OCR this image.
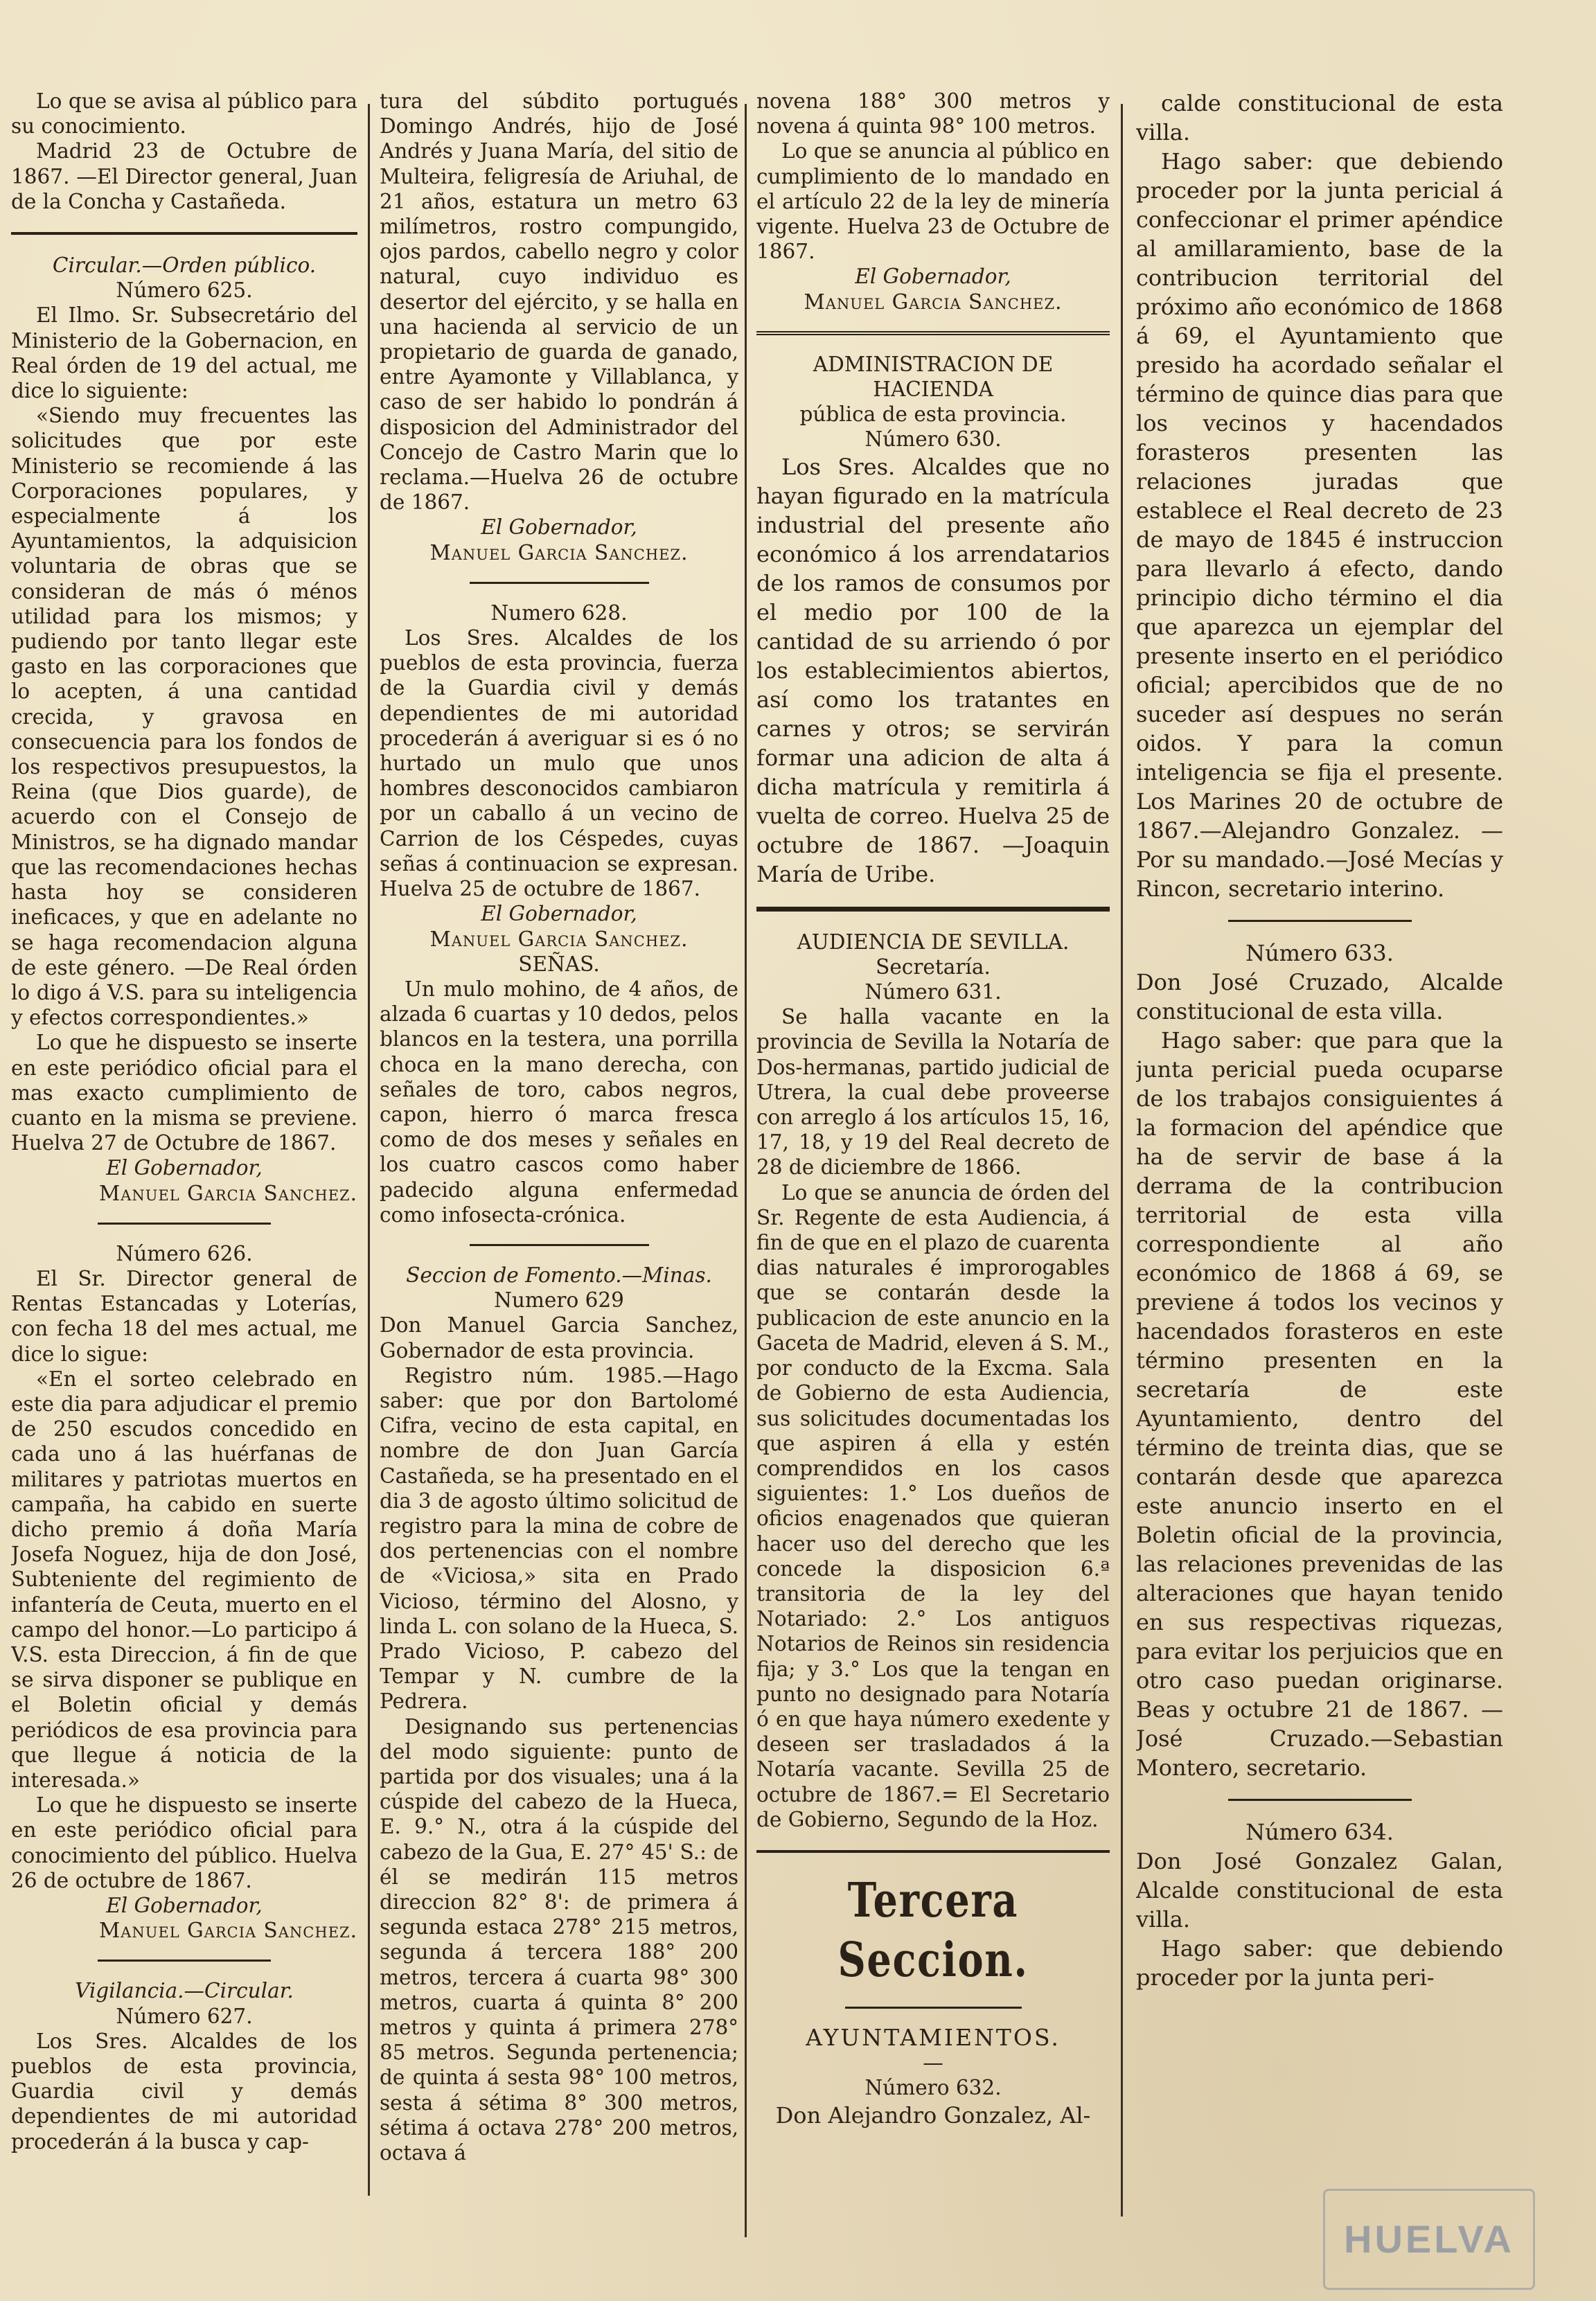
Lo que se avisa al público para su conocimiento.

Madrid 23 de Octubre de 1867. —El Director general, Juan de la Concha y Castañeda.

Circular.—Orden público.

Número 625.

El Ilmo. Sr. Subsecretário del Ministerio de la Gobernacion, en Real órden de 19 del actual, me dice lo siguiente:

«Siendo muy frecuentes las solicitudes que por este Ministerio se recomiende á las Corporaciones populares, y especialmente á los Ayuntamientos, la adquisicion voluntaria de obras que se consideran de más ó ménos utilidad para los mismos; y pudiendo por tanto llegar este gasto en las corporaciones que lo acepten, á una cantidad crecida, y gravosa en consecuencia para los fondos de los respectivos presupuestos, la Reina (que Dios guarde), de acuerdo con el Consejo de Ministros, se ha dignado mandar que las recomendaciones hechas hasta hoy se consideren ineficaces, y que en adelante no se haga recomendacion alguna de este género. —De Real órden lo digo á V.S. para su inteligencia y efectos correspondientes.»

Lo que he dispuesto se inserte en este periódico oficial para el mas exacto cumplimiento de cuanto en la misma se previene. Huelva 27 de Octubre de 1867.

El Gobernador,

Manuel Garcia Sanchez.

Número 626.

El Sr. Director general de Rentas Estancadas y Loterías, con fecha 18 del mes actual, me dice lo sigue:

«En el sorteo celebrado en este dia para adjudicar el premio de 250 escudos concedido en cada uno á las huérfanas de militares y patriotas muertos en campaña, ha cabido en suerte dicho premio á doña María Josefa Noguez, hija de don José, Subteniente del regimiento de infantería de Ceuta, muerto en el campo del honor.—Lo participo á V.S. esta Direccion, á fin de que se sirva disponer se publique en el Boletin oficial y demás periódicos de esa provincia para que llegue á noticia de la interesada.»

Lo que he dispuesto se inserte en este periódico oficial para conocimiento del público. Huelva 26 de octubre de 1867.

El Gobernador,

Manuel Garcia Sanchez.

Vigilancia.—Circular.

Número 627.

Los Sres. Alcaldes de los pueblos de esta provincia, Guardia civil y demás dependientes de mi autoridad procederán á la busca y cap-

tura del súbdito portugués Domingo Andrés, hijo de José Andrés y Juana María, del sitio de Multeira, feligresía de Ariuhal, de 21 años, estatura un metro 63 milímetros, rostro compungido, ojos pardos, cabello negro y color natural, cuyo individuo es desertor del ejército, y se halla en una hacienda al servicio de un propietario de guarda de ganado, entre Ayamonte y Villablanca, y caso de ser habido lo pondrán á disposicion del Administrador del Concejo de Castro Marin que lo reclama.—Huelva 26 de octubre de 1867.

El Gobernador,

Manuel Garcia Sanchez.

Numero 628.

Los Sres. Alcaldes de los pueblos de esta provincia, fuerza de la Guardia civil y demás dependientes de mi autoridad procederán á averiguar si es ó no hurtado un mulo que unos hombres desconocidos cambiaron por un caballo á un vecino de Carrion de los Céspedes, cuyas señas á continuacion se expresan. Huelva 25 de octubre de 1867.

El Gobernador,

Manuel Garcia Sanchez.

SEÑAS.

Un mulo mohino, de 4 años, de alzada 6 cuartas y 10 dedos, pelos blancos en la testera, una porrilla choca en la mano derecha, con señales de toro, cabos negros, capon, hierro ó marca fresca como de dos meses y señales en los cuatro cascos como haber padecido alguna enfermedad como infosecta-crónica.

Seccion de Fomento.—Minas.

Numero 629

Don Manuel Garcia Sanchez, Gobernador de esta provincia.

Registro núm. 1985.—Hago saber: que por don Bartolomé Cifra, vecino de esta capital, en nombre de don Juan García Castañeda, se ha presentado en el dia 3 de agosto último solicitud de registro para la mina de cobre de dos pertenencias con el nombre de «Viciosa,» sita en Prado Vicioso, término del Alosno, y linda L. con solano de la Hueca, S. Prado Vicioso, P. cabezo del Tempar y N. cumbre de la Pedrera.

Designando sus pertenencias del modo siguiente: punto de partida por dos visuales; una á la cúspide del cabezo de la Hueca, E. 9.° N., otra á la cúspide del cabezo de la Gua, E. 27° 45' S.: de él se medirán 115 metros direccion 82° 8': de primera á segunda estaca 278° 215 metros, segunda á tercera 188° 200 metros, tercera á cuarta 98° 300 metros, cuarta á quinta 8° 200 metros y quinta á primera 278° 85 metros. Segunda pertenencia; de quinta á sesta 98° 100 metros, sesta á sétima 8° 300 metros, sétima á octava 278° 200 metros, octava á

novena 188° 300 metros y novena á quinta 98° 100 metros.

Lo que se anuncia al público en cumplimiento de lo mandado en el artículo 22 de la ley de minería vigente. Huelva 23 de Octubre de 1867.

El Gobernador,

Manuel Garcia Sanchez.

ADMINISTRACION DE HACIENDA

pública de esta provincia.

Número 630.

Los Sres. Alcaldes que no hayan figurado en la matrícula industrial del presente año económico á los arrendatarios de los ramos de consumos por el medio por 100 de la cantidad de su arriendo ó por los establecimientos abiertos, así como los tratantes en carnes y otros; se servirán formar una adicion de alta á dicha matrícula y remitirla á vuelta de correo. Huelva 25 de octubre de 1867. —Joaquin María de Uribe.

AUDIENCIA DE SEVILLA.

Secretaría.

Número 631.

Se halla vacante en la provincia de Sevilla la Notaría de Dos-hermanas, partido judicial de Utrera, la cual debe proveerse con arreglo á los artículos 15, 16, 17, 18, y 19 del Real decreto de 28 de diciembre de 1866.

Lo que se anuncia de órden del Sr. Regente de esta Audiencia, á fin de que en el plazo de cuarenta dias naturales é improrogables que se contarán desde la publicacion de este anuncio en la Gaceta de Madrid, eleven á S. M., por conducto de la Excma. Sala de Gobierno de esta Audiencia, sus solicitudes documentadas los que aspiren á ella y estén comprendidos en los casos siguientes: 1.° Los dueños de oficios enagenados que quieran hacer uso del derecho que les concede la disposicion 6.ª transitoria de la ley del Notariado: 2.° Los antiguos Notarios de Reinos sin residencia fija; y 3.° Los que la tengan en punto no designado para Notaría ó en que haya número exedente y deseen ser trasladados á la Notaría vacante. Sevilla 25 de octubre de 1867.= El Secretario de Gobierno, Segundo de la Hoz.

Tercera Seccion.

AYUNTAMIENTOS.

—

Número 632.

Don Alejandro Gonzalez, Al-

calde constitucional de esta villa.

Hago saber: que debiendo proceder por la junta pericial á confeccionar el primer apéndice al amillaramiento, base de la contribucion territorial del próximo año económico de 1868 á 69, el Ayuntamiento que presido ha acordado señalar el término de quince dias para que los vecinos y hacendados forasteros presenten las relaciones juradas que establece el Real decreto de 23 de mayo de 1845 é instruccion para llevarlo á efecto, dando principio dicho término el dia que aparezca un ejemplar del presente inserto en el periódico oficial; apercibidos que de no suceder así despues no serán oidos. Y para la comun inteligencia se fija el presente. Los Marines 20 de octubre de 1867.—Alejandro Gonzalez. —Por su mandado.—José Mecías y Rincon, secretario interino.

Número 633.

Don José Cruzado, Alcalde constitucional de esta villa.

Hago saber: que para que la junta pericial pueda ocuparse de los trabajos consiguientes á la formacion del apéndice que ha de servir de base á la derrama de la contribucion territorial de esta villa correspondiente al año económico de 1868 á 69, se previene á todos los vecinos y hacendados forasteros en este término presenten en la secretaría de este Ayuntamiento, dentro del término de treinta dias, que se contarán desde que aparezca este anuncio inserto en el Boletin oficial de la provincia, las relaciones prevenidas de las alteraciones que hayan tenido en sus respectivas riquezas, para evitar los perjuicios que en otro caso puedan originarse. Beas y octubre 21 de 1867. —José Cruzado.—Sebastian Montero, secretario.

Número 634.

Don José Gonzalez Galan, Alcalde constitucional de esta villa.

Hago saber: que debiendo proceder por la junta peri-

HUELVA
